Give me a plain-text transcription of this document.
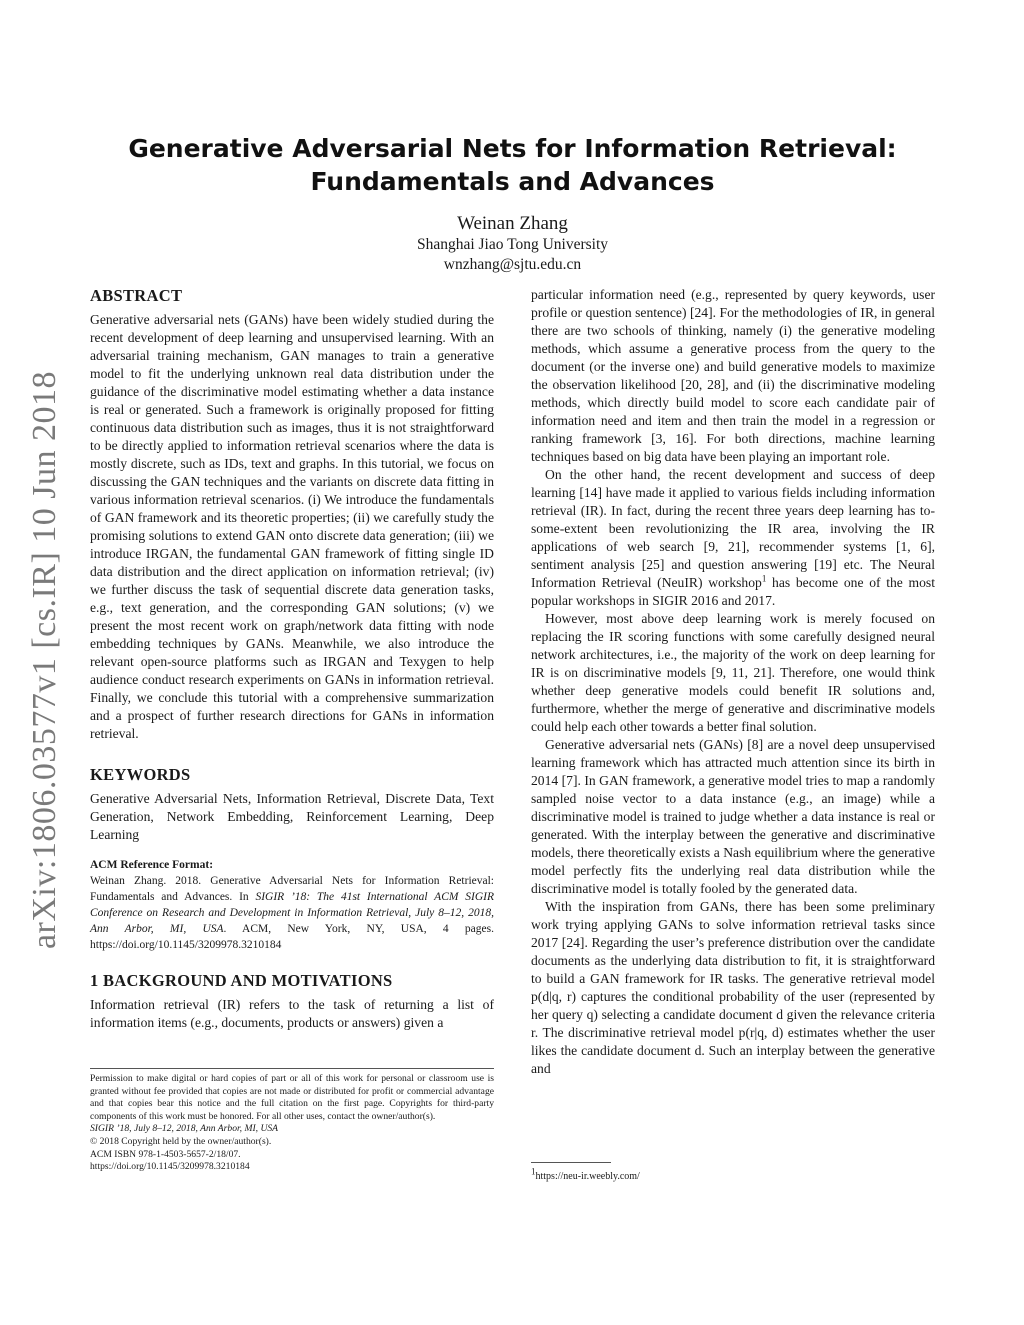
arXiv:1806.03577v1 [cs.IR] 10 Jun 2018
Generative Adversarial Nets for Information Retrieval:
Fundamentals and Advances
Weinan Zhang
Shanghai Jiao Tong University
wnzhang@sjtu.edu.cn
ABSTRACT

Generative adversarial nets (GANs) have been widely studied during the recent development of deep learning and unsupervised learning. With an adversarial training mechanism, GAN manages to train a generative model to fit the underlying unknown real data distribution under the guidance of the discriminative model estimating whether a data instance is real or generated. Such a framework is originally proposed for fitting continuous data distribution such as images, thus it is not straightforward to be directly applied to information retrieval scenarios where the data is mostly discrete, such as IDs, text and graphs. In this tutorial, we focus on discussing the GAN techniques and the variants on discrete data fitting in various information retrieval scenarios. (i) We introduce the fundamentals of GAN framework and its theoretic properties; (ii) we carefully study the promising solutions to extend GAN onto discrete data generation; (iii) we introduce IRGAN, the fundamental GAN framework of fitting single ID data distribution and the direct application on information retrieval; (iv) we further discuss the task of sequential discrete data generation tasks, e.g., text generation, and the corresponding GAN solutions; (v) we present the most recent work on graph/network data fitting with node embedding techniques by GANs. Meanwhile, we also introduce the relevant open-source platforms such as IRGAN and Texygen to help audience conduct research experiments on GANs in information retrieval. Finally, we conclude this tutorial with a comprehensive summarization and a prospect of further research directions for GANs in information retrieval.

KEYWORDS

Generative Adversarial Nets, Information Retrieval, Discrete Data, Text Generation, Network Embedding, Reinforcement Learning, Deep Learning

ACM Reference Format:
Weinan Zhang. 2018. Generative Adversarial Nets for Information Retrieval: Fundamentals and Advances. In SIGIR ’18: The 41st International ACM SIGIR Conference on Research and Development in Information Retrieval, July 8–12, 2018, Ann Arbor, MI, USA. ACM, New York, NY, USA, 4 pages. https://doi.org/10.1145/3209978.3210184
1 BACKGROUND AND MOTIVATIONS

Information retrieval (IR) refers to the task of returning a list of information items (e.g., documents, products or answers) given a

Permission to make digital or hard copies of part or all of this work for personal or classroom use is granted without fee provided that copies are not made or distributed for profit or commercial advantage and that copies bear this notice and the full citation on the first page. Copyrights for third-party components of this work must be honored. For all other uses, contact the owner/author(s).
SIGIR ’18, July 8–12, 2018, Ann Arbor, MI, USA
© 2018 Copyright held by the owner/author(s).
ACM ISBN 978-1-4503-5657-2/18/07.
https://doi.org/10.1145/3209978.3210184

particular information need (e.g., represented by query keywords, user profile or question sentence) [24]. For the methodologies of IR, in general there are two schools of thinking, namely (i) the generative modeling methods, which assume a generative process from the query to the document (or the inverse one) and build generative models to maximize the observation likelihood [20, 28], and (ii) the discriminative modeling methods, which directly build model to score each candidate pair of information need and item and then train the model in a regression or ranking framework [3, 16]. For both directions, machine learning techniques based on big data have been playing an important role.

On the other hand, the recent development and success of deep learning [14] have made it applied to various fields including information retrieval (IR). In fact, during the recent three years deep learning has to-some-extent been revolutionizing the IR area, involving the IR applications of web search [9, 21], recommender systems [1, 6], sentiment analysis [25] and question answering [19] etc. The Neural Information Retrieval (NeuIR) workshop$^1$ has become one of the most popular workshops in SIGIR 2016 and 2017.

However, most above deep learning work is merely focused on replacing the IR scoring functions with some carefully designed neural network architectures, i.e., the majority of the work on deep learning for IR is on discriminative models [9, 11, 21]. Therefore, one would think whether deep generative models could benefit IR solutions and, furthermore, whether the merge of generative and discriminative models could help each other towards a better final solution.

Generative adversarial nets (GANs) [8] are a novel deep unsupervised learning framework which has attracted much attention since its birth in 2014 [7]. In GAN framework, a generative model tries to map a randomly sampled noise vector to a data instance (e.g., an image) while a discriminative model is trained to judge whether a data instance is real or generated. With the interplay between the generative and discriminative models, there theoretically exists a Nash equilibrium where the generative model perfectly fits the underlying real data distribution while the discriminative model is totally fooled by the generated data.

With the inspiration from GANs, there has been some preliminary work trying applying GANs to solve information retrieval tasks since 2017 [24]. Regarding the user’s preference distribution over the candidate documents as the underlying data distribution to fit, it is straightforward to build a GAN framework for IR tasks. The generative retrieval model p(d|q, r) captures the conditional probability of the user (represented by her query q) selecting a candidate document d given the relevance criteria r. The discriminative retrieval model p(r|q, d) estimates whether the user likes the candidate document d. Such an interplay between the generative and

$^1$https://neu-ir.weebly.com/
